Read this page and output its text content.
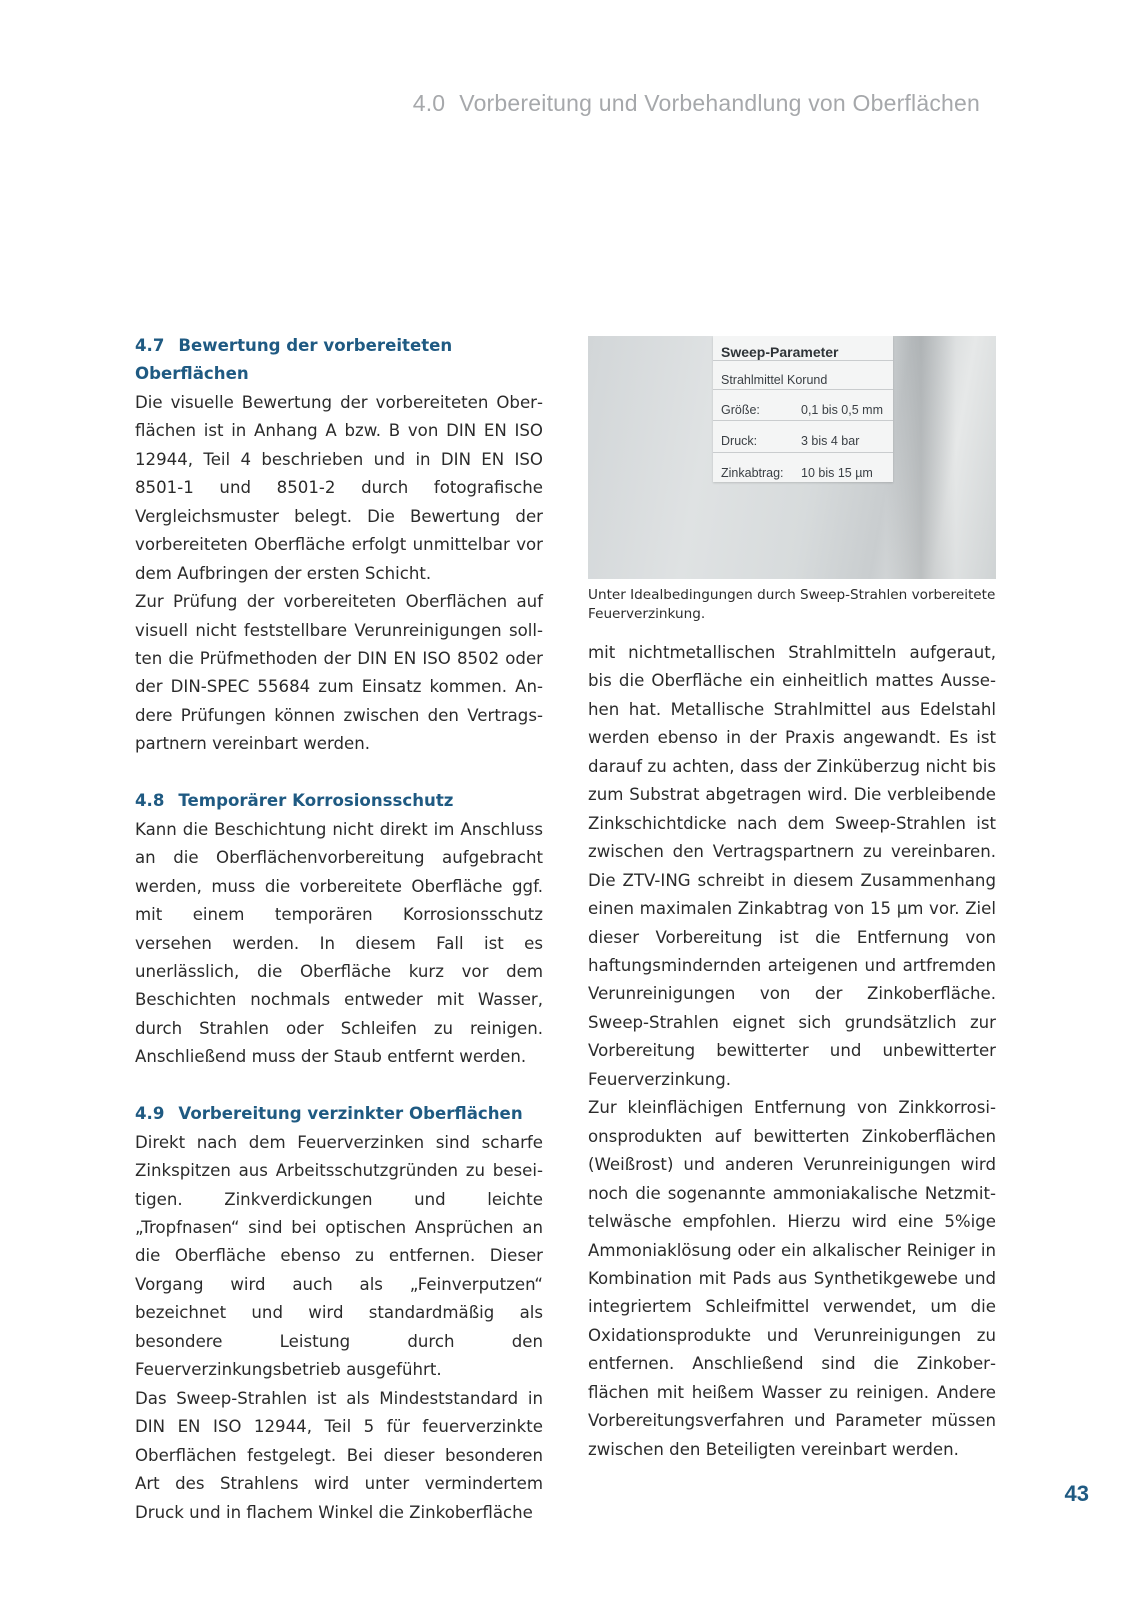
4.0 Vorbereitung und Vorbehandlung von Oberflächen
4.7 Bewertung der vorbereiteten Oberflächen

Die visuelle Bewertung der vorbereiteten Oberflächen ist in Anhang A bzw. B von DIN EN ISO 12944, Teil 4 beschrieben und in DIN EN ISO 8501-1 und 8501-2 durch fotografische Vergleichsmuster belegt. Die Bewertung der vorbereiteten Oberfläche erfolgt unmittelbar vor dem Aufbringen der ersten Schicht.

Zur Prüfung der vorbereiteten Oberflächen auf visuell nicht feststellbare Verunreinigungen sollten die Prüfmethoden der DIN EN ISO 8502 oder der DIN-SPEC 55684 zum Einsatz kommen. Andere Prüfungen können zwischen den Vertragspartnern vereinbart werden.

4.8 Temporärer Korrosionsschutz

Kann die Beschichtung nicht direkt im Anschluss an die Oberflächenvorbereitung aufgebracht werden, muss die vorbereitete Oberfläche ggf. mit einem temporären Korrosionsschutz versehen werden. In diesem Fall ist es unerlässlich, die Oberfläche kurz vor dem Beschichten nochmals entweder mit Wasser, durch Strahlen oder Schleifen zu reinigen. Anschließend muss der Staub entfernt werden.

4.9 Vorbereitung verzinkter Oberflächen

Direkt nach dem Feuerverzinken sind scharfe Zinkspitzen aus Arbeitsschutzgründen zu beseitigen. Zinkverdickungen und leichte „Tropfnasen“ sind bei optischen Ansprüchen an die Oberfläche ebenso zu entfernen. Dieser Vorgang wird auch als „Feinverputzen“ bezeichnet und wird standardmäßig als besondere Leistung durch den Feuerverzinkungsbetrieb ausgeführt.

Das Sweep-Strahlen ist als Mindeststandard in DIN EN ISO 12944, Teil 5 für feuerverzinkte Oberflächen festgelegt. Bei dieser besonderen Art des Strahlens wird unter vermindertem Druck und in flachem Winkel die Zinkoberfläche

Sweep-Parameter
Strahlmittel Korund
Größe:	0,1 bis 0,5 mm
Druck:	3 bis 4 bar
Zinkabtrag: 10 bis 15 µm
Unter Idealbedingungen durch Sweep-Strahlen vorbereitete Feuerverzinkung.

mit nichtmetallischen Strahlmitteln aufgeraut, bis die Oberfläche ein einheitlich mattes Aussehen hat. Metallische Strahlmittel aus Edelstahl werden ebenso in der Praxis angewandt. Es ist darauf zu achten, dass der Zinküberzug nicht bis zum Substrat abgetragen wird. Die verbleibende Zinkschichtdicke nach dem Sweep-Strahlen ist zwischen den Vertragspartnern zu vereinbaren. Die ZTV-ING schreibt in diesem Zusammenhang einen maximalen Zinkabtrag von 15 µm vor. Ziel dieser Vorbereitung ist die Entfernung von haftungsmindernden arteigenen und artfremden Verunreinigungen von der Zinkoberfläche. Sweep-Strahlen eignet sich grundsätzlich zur Vorbereitung bewitterter und unbewitterter Feuerverzinkung.

Zur kleinflächigen Entfernung von Zinkkorrosionsprodukten auf bewitterten Zinkoberflächen (Weißrost) und anderen Verunreinigungen wird noch die sogenannte ammoniakalische Netzmittelwäsche empfohlen. Hierzu wird eine 5%ige Ammoniaklösung oder ein alkalischer Reiniger in Kombination mit Pads aus Synthetikgewebe und integriertem Schleifmittel verwendet, um die Oxidationsprodukte und Verunreinigungen zu entfernen. Anschließend sind die Zinkoberflächen mit heißem Wasser zu reinigen. Andere Vorbereitungsverfahren und Parameter müssen zwischen den Beteiligten vereinbart werden.

43
